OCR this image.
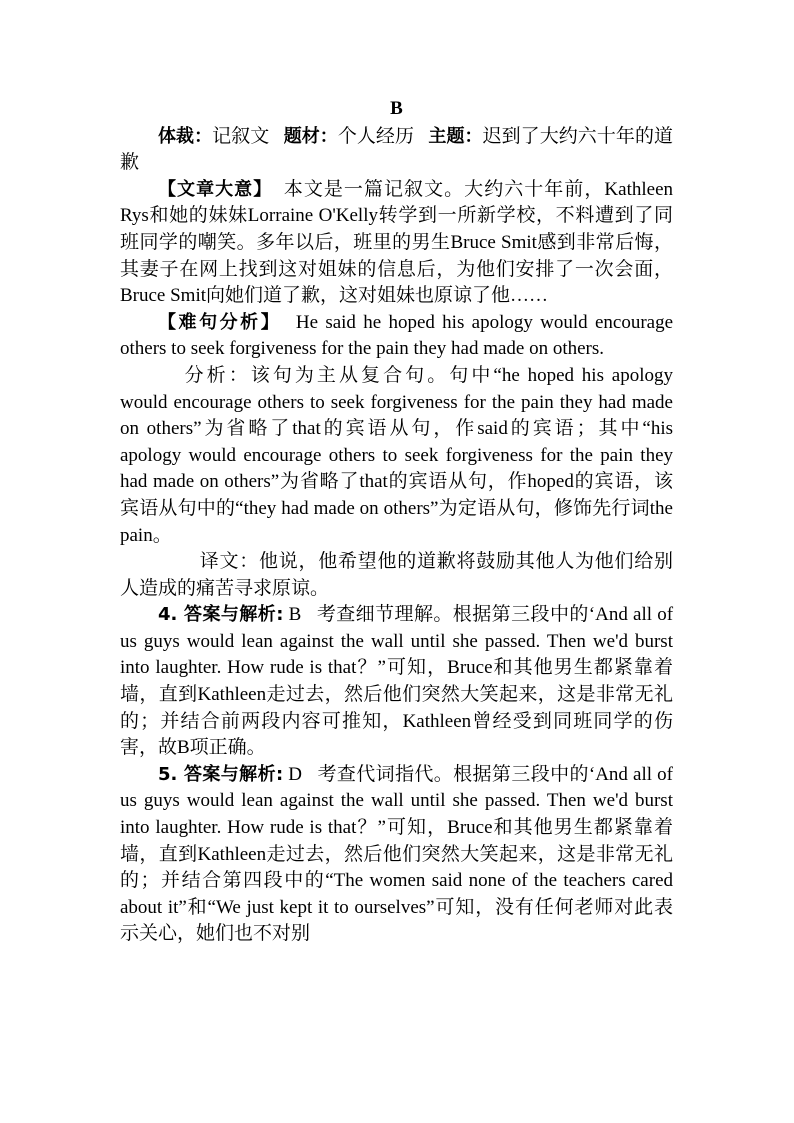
B

体裁：记叙文 题材：个人经历 主题：迟到了大约六十年的道歉

【文章大意】 本文是一篇记叙文。大约六十年前，Kathleen Rys和她的妹妹Lorraine O'Kelly转学到一所新学校，不料遭到了同班同学的嘲笑。多年以后，班里的男生Bruce Smit感到非常后悔，其妻子在网上找到这对姐妹的信息后，为他们安排了一次会面，Bruce Smit向她们道了歉，这对姐妹也原谅了他……

【难句分析】 He said he hoped his apology would encourage others to seek forgiveness for the pain they had made on others.

分析：该句为主从复合句。句中“he hoped his apology would encourage others to seek forgiveness for the pain they had made on others”为省略了that的宾语从句，作said的宾语；其中“his apology would encourage others to seek forgiveness for the pain they had made on others”为省略了that的宾语从句，作hoped的宾语，该宾语从句中的“they had made on others”为定语从句，修饰先行词the pain。

译文：他说，他希望他的道歉将鼓励其他人为他们给别人造成的痛苦寻求原谅。

4. 答案与解析: B 考查细节理解。根据第三段中的‘And all of us guys would lean against the wall until she passed. Then we'd burst into laughter. How rude is that？”可知，Bruce和其他男生都紧靠着墙，直到Kathleen走过去，然后他们突然大笑起来，这是非常无礼的；并结合前两段内容可推知，Kathleen曾经受到同班同学的伤害，故B项正确。

5. 答案与解析: D 考查代词指代。根据第三段中的‘And all of us guys would lean against the wall until she passed. Then we'd burst into laughter. How rude is that？”可知，Bruce和其他男生都紧靠着墙，直到Kathleen走过去，然后他们突然大笑起来，这是非常无礼的；并结合第四段中的“The women said none of the teachers cared about it”和“We just kept it to ourselves”可知，没有任何老师对此表示关心，她们也不对别
